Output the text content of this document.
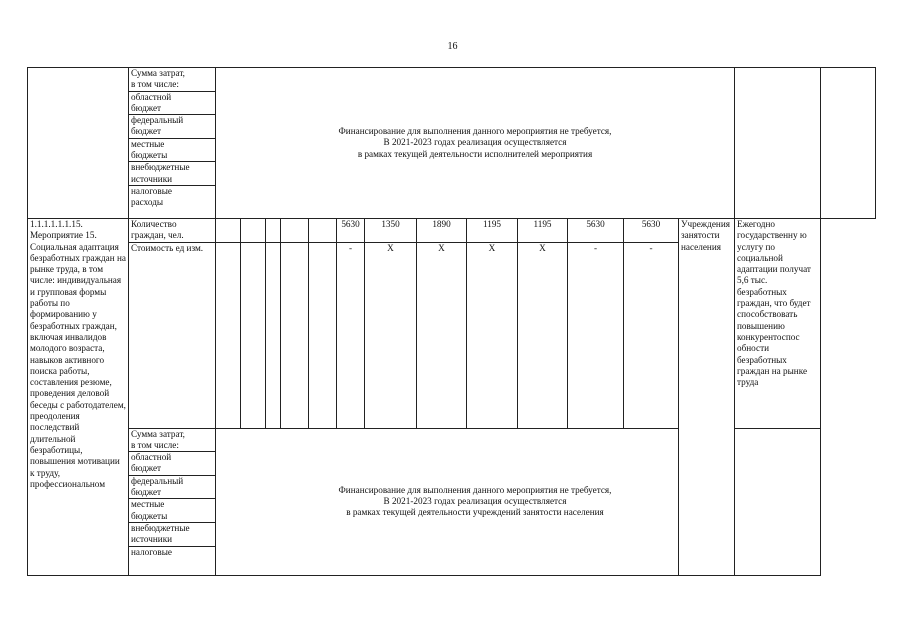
16

Сумма затрат,
в том числе:

областной
бюджет

федеральный
бюджет

местные
бюджеты

внебюджетные
источники

налоговые
расходы

Финансирование для выполнения данного мероприятия не требуется,
В 2021-2023 годах реализация осуществляется
в рамках текущей деятельности исполнителей мероприятия

1.1.1.1.1.1.15. Мероприятие 15. Социальная адаптация безработных граждан на рынке труда, в том числе: индивидуальная и групповая формы работы по формированию у безработных граждан, включая инвалидов молодого возраста, навыков активного поиска работы, составления резюме, проведения деловой беседы с работодателем, преодоления последствий длительной безработицы, повышения мотивации к труду, профессиональном	Количество граждан, чел.						5630	1350	1890	1195	1195	5630	5630	Учреждения занятости населения	Ежегодно государственну ю услугу по социальной адаптации получат 5,6 тыс. безработных граждан, что будет способствовать повышению конкурентоспос обности безработных граждан на рынке труда
Стоимость ед изм.						-	X	X	X	X	-	-

Сумма затрат,
в том числе:

областной
бюджет

федеральный
бюджет

местные
бюджеты

внебюджетные
источники

налоговые

Финансирование для выполнения данного мероприятия не требуется,
В 2021-2023 годах реализация осуществляется
в рамках текущей деятельности учреждений занятости населения
